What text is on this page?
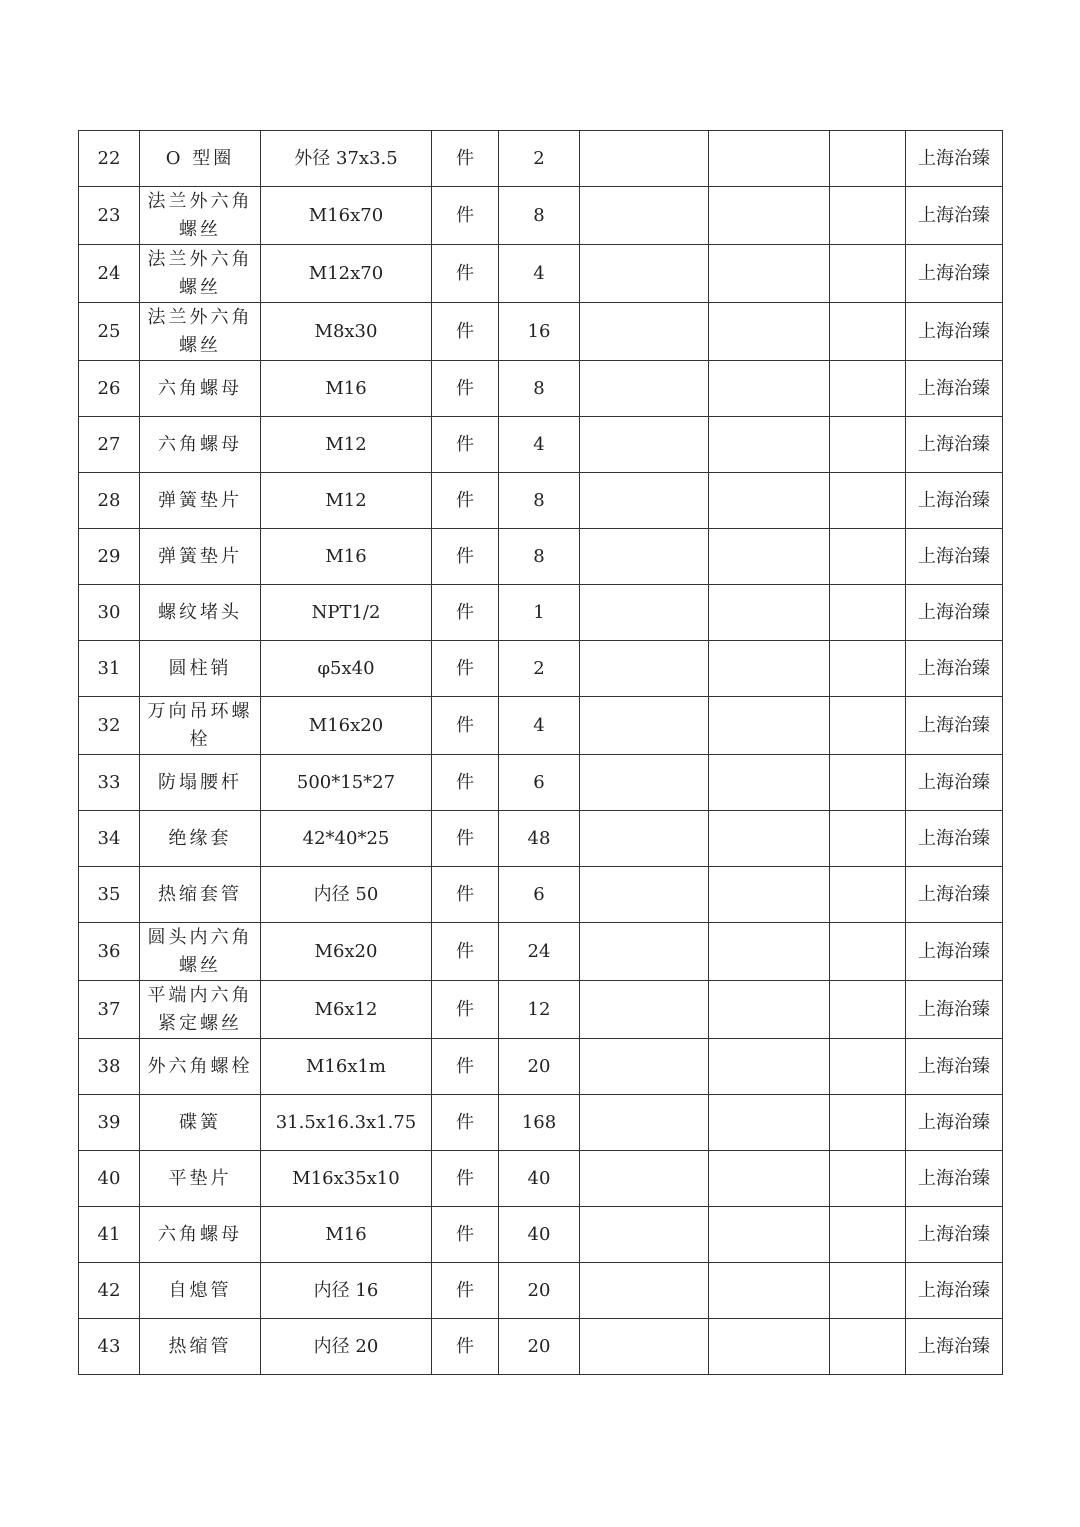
22	O 型圈	外径 37x3.5	件	2				上海治臻
23	法兰外六角螺丝	M16x70	件	8				上海治臻
24	法兰外六角螺丝	M12x70	件	4				上海治臻
25	法兰外六角螺丝	M8x30	件	16				上海治臻
26	六角螺母	M16	件	8				上海治臻
27	六角螺母	M12	件	4				上海治臻
28	弹簧垫片	M12	件	8				上海治臻
29	弹簧垫片	M16	件	8				上海治臻
30	螺纹堵头	NPT1/2	件	1				上海治臻
31	圆柱销	φ5x40	件	2				上海治臻
32	万向吊环螺栓	M16x20	件	4				上海治臻
33	防塌腰杆	500*15*27	件	6				上海治臻
34	绝缘套	42*40*25	件	48				上海治臻
35	热缩套管	内径 50	件	6				上海治臻
36	圆头内六角螺丝	M6x20	件	24				上海治臻
37	平端内六角紧定螺丝	M6x12	件	12				上海治臻
38	外六角螺栓	M16x1m	件	20				上海治臻
39	碟簧	31.5x16.3x1.75	件	168				上海治臻
40	平垫片	M16x35x10	件	40				上海治臻
41	六角螺母	M16	件	40				上海治臻
42	自熄管	内径 16	件	20				上海治臻
43	热缩管	内径 20	件	20				上海治臻
